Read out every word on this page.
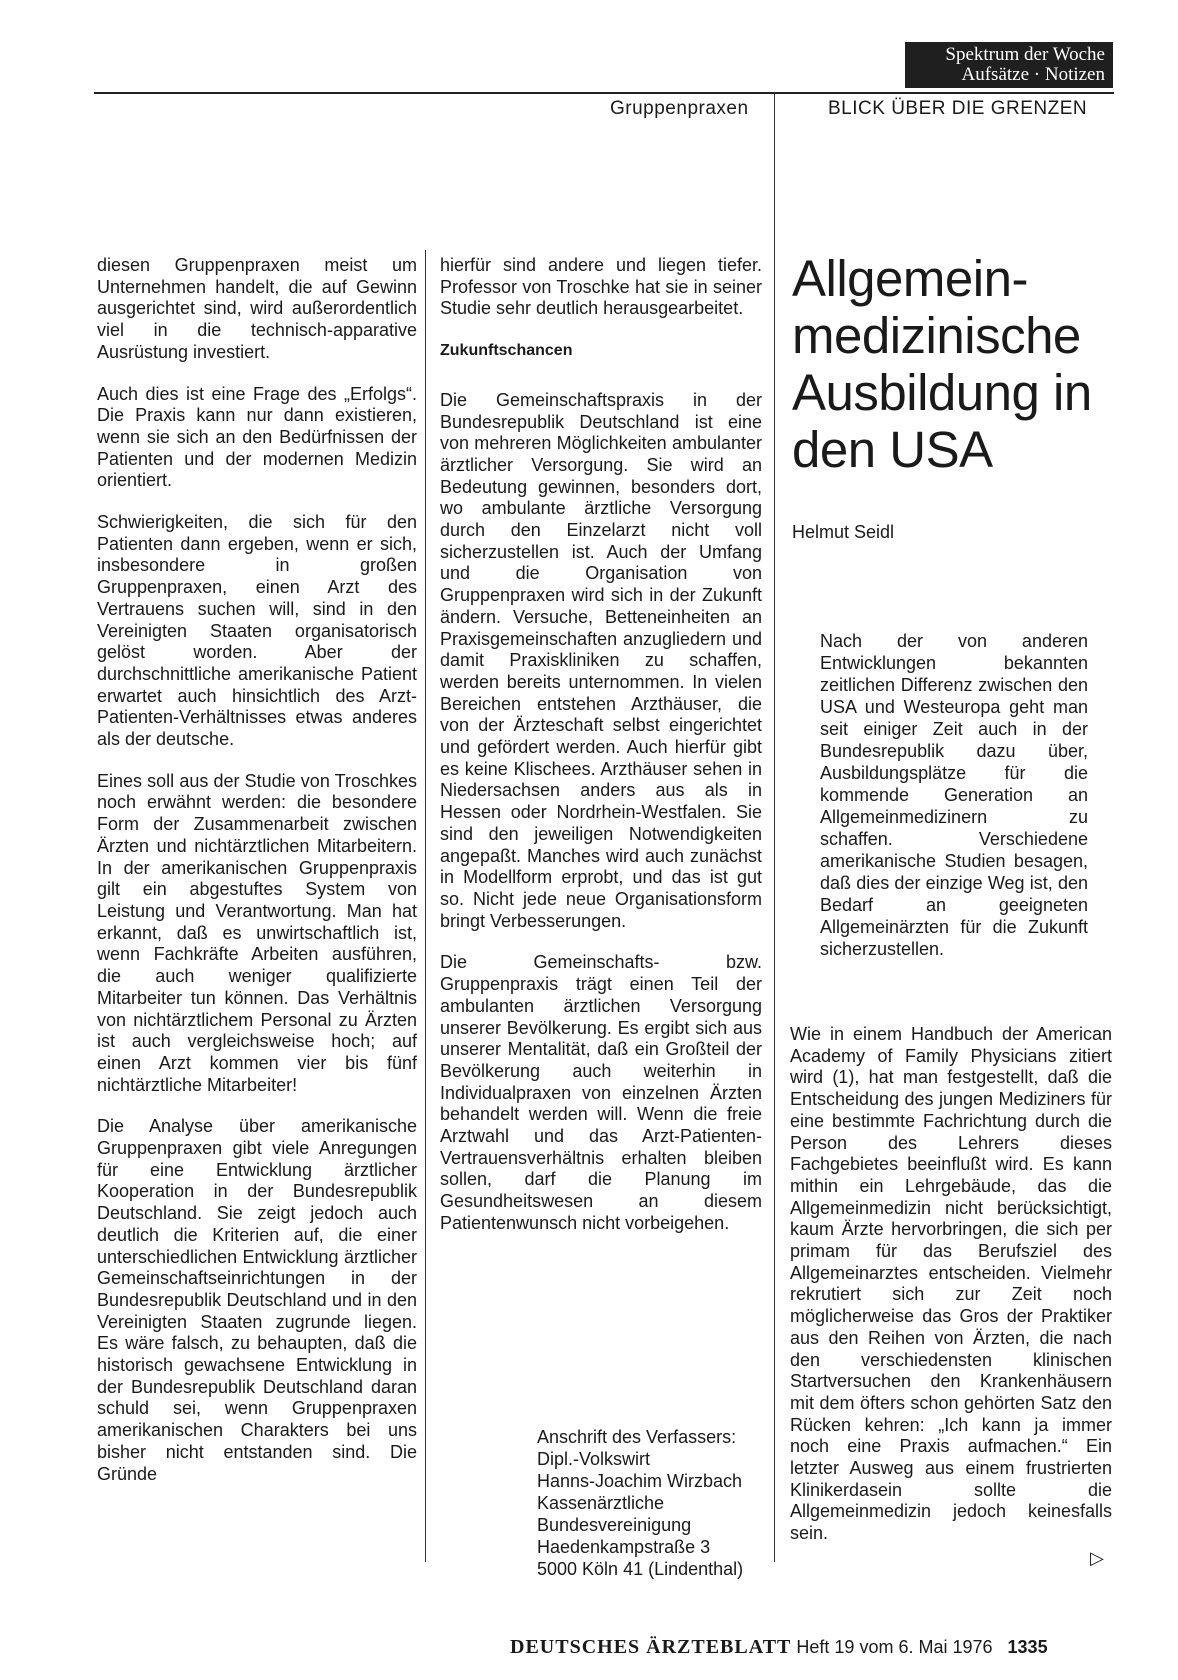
Spektrum der Woche
Aufsätze · Notizen
Gruppenpraxen	BLICK ÜBER DIE GRENZEN

diesen Gruppenpraxen meist um Unternehmen handelt, die auf Gewinn ausgerichtet sind, wird außerordentlich viel in die technisch-apparative Ausrüstung investiert.

Auch dies ist eine Frage des „Erfolgs“. Die Praxis kann nur dann existieren, wenn sie sich an den Bedürfnissen der Patienten und der modernen Medizin orientiert.

Schwierigkeiten, die sich für den Patienten dann ergeben, wenn er sich, insbesondere in großen Gruppenpraxen, einen Arzt des Vertrauens suchen will, sind in den Vereinigten Staaten organisatorisch gelöst worden. Aber der durchschnittliche amerikanische Patient erwartet auch hinsichtlich des Arzt-Patienten-Verhältnisses etwas anderes als der deutsche.

Eines soll aus der Studie von Troschkes noch erwähnt werden: die besondere Form der Zusammenarbeit zwischen Ärzten und nichtärztlichen Mitarbeitern. In der amerikanischen Gruppenpraxis gilt ein abgestuftes System von Leistung und Verantwortung. Man hat erkannt, daß es unwirtschaftlich ist, wenn Fachkräfte Arbeiten ausführen, die auch weniger qualifizierte Mitarbeiter tun können. Das Verhältnis von nichtärztlichem Personal zu Ärzten ist auch vergleichsweise hoch; auf einen Arzt kommen vier bis fünf nichtärztliche Mitarbeiter!

Die Analyse über amerikanische Gruppenpraxen gibt viele Anregungen für eine Entwicklung ärztlicher Kooperation in der Bundesrepublik Deutschland. Sie zeigt jedoch auch deutlich die Kriterien auf, die einer unterschiedlichen Entwicklung ärztlicher Gemeinschaftseinrichtungen in der Bundesrepublik Deutschland und in den Vereinigten Staaten zugrunde liegen. Es wäre falsch, zu behaupten, daß die historisch gewachsene Entwicklung in der Bundesrepublik Deutschland daran schuld sei, wenn Gruppenpraxen amerikanischen Charakters bei uns bisher nicht entstanden sind. Die Gründe

hierfür sind andere und liegen tiefer. Professor von Troschke hat sie in seiner Studie sehr deutlich herausgearbeitet.

Zukunftschancen

Die Gemeinschaftspraxis in der Bundesrepublik Deutschland ist eine von mehreren Möglichkeiten ambulanter ärztlicher Versorgung. Sie wird an Bedeutung gewinnen, besonders dort, wo ambulante ärztliche Versorgung durch den Einzelarzt nicht voll sicherzustellen ist. Auch der Umfang und die Organisation von Gruppenpraxen wird sich in der Zukunft ändern. Versuche, Betteneinheiten an Praxisgemeinschaften anzugliedern und damit Praxiskliniken zu schaffen, werden bereits unternommen. In vielen Bereichen entstehen Arzthäuser, die von der Ärzteschaft selbst eingerichtet und gefördert werden. Auch hierfür gibt es keine Klischees. Arzthäuser sehen in Niedersachsen anders aus als in Hessen oder Nordrhein-Westfalen. Sie sind den jeweiligen Notwendigkeiten angepaßt. Manches wird auch zunächst in Modellform erprobt, und das ist gut so. Nicht jede neue Organisationsform bringt Verbesserungen.

Die Gemeinschafts- bzw. Gruppenpraxis trägt einen Teil der ambulanten ärztlichen Versorgung unserer Bevölkerung. Es ergibt sich aus unserer Mentalität, daß ein Großteil der Bevölkerung auch weiterhin in Individualpraxen von einzelnen Ärzten behandelt werden will. Wenn die freie Arztwahl und das Arzt-Patienten-Vertrauensverhältnis erhalten bleiben sollen, darf die Planung im Gesundheitswesen an diesem Patientenwunsch nicht vorbeigehen.

Anschrift des Verfassers:
Dipl.-Volkswirt
Hanns-Joachim Wirzbach
Kassenärztliche
Bundesvereinigung
Haedenkampstraße 3
5000 Köln 41 (Lindenthal)
Allgemein-medizinische Ausbildung in den USA
Helmut Seidl
Nach der von anderen Entwicklungen bekannten zeitlichen Differenz zwischen den USA und Westeuropa geht man seit einiger Zeit auch in der Bundesrepublik dazu über, Ausbildungsplätze für die kommende Generation an Allgemeinmedizinern zu schaffen. Verschiedene amerikanische Studien besagen, daß dies der einzige Weg ist, den Bedarf an geeigneten Allgemeinärzten für die Zukunft sicherzustellen.

Wie in einem Handbuch der American Academy of Family Physicians zitiert wird (1), hat man festgestellt, daß die Entscheidung des jungen Mediziners für eine bestimmte Fachrichtung durch die Person des Lehrers dieses Fachgebietes beeinflußt wird. Es kann mithin ein Lehrgebäude, das die Allgemeinmedizin nicht berücksichtigt, kaum Ärzte hervorbringen, die sich per primam für das Berufsziel des Allgemeinarztes entscheiden. Vielmehr rekrutiert sich zur Zeit noch möglicherweise das Gros der Praktiker aus den Reihen von Ärzten, die nach den verschiedensten klinischen Startversuchen den Krankenhäusern mit dem öfters schon gehörten Satz den Rücken kehren: „Ich kann ja immer noch eine Praxis aufmachen.“ Ein letzter Ausweg aus einem frustrierten Klinikerdasein sollte die Allgemeinmedizin jedoch keinesfalls sein.

▷
DEUTSCHES ÄRZTEBLATT Heft 19 vom 6. Mai 1976 1335
